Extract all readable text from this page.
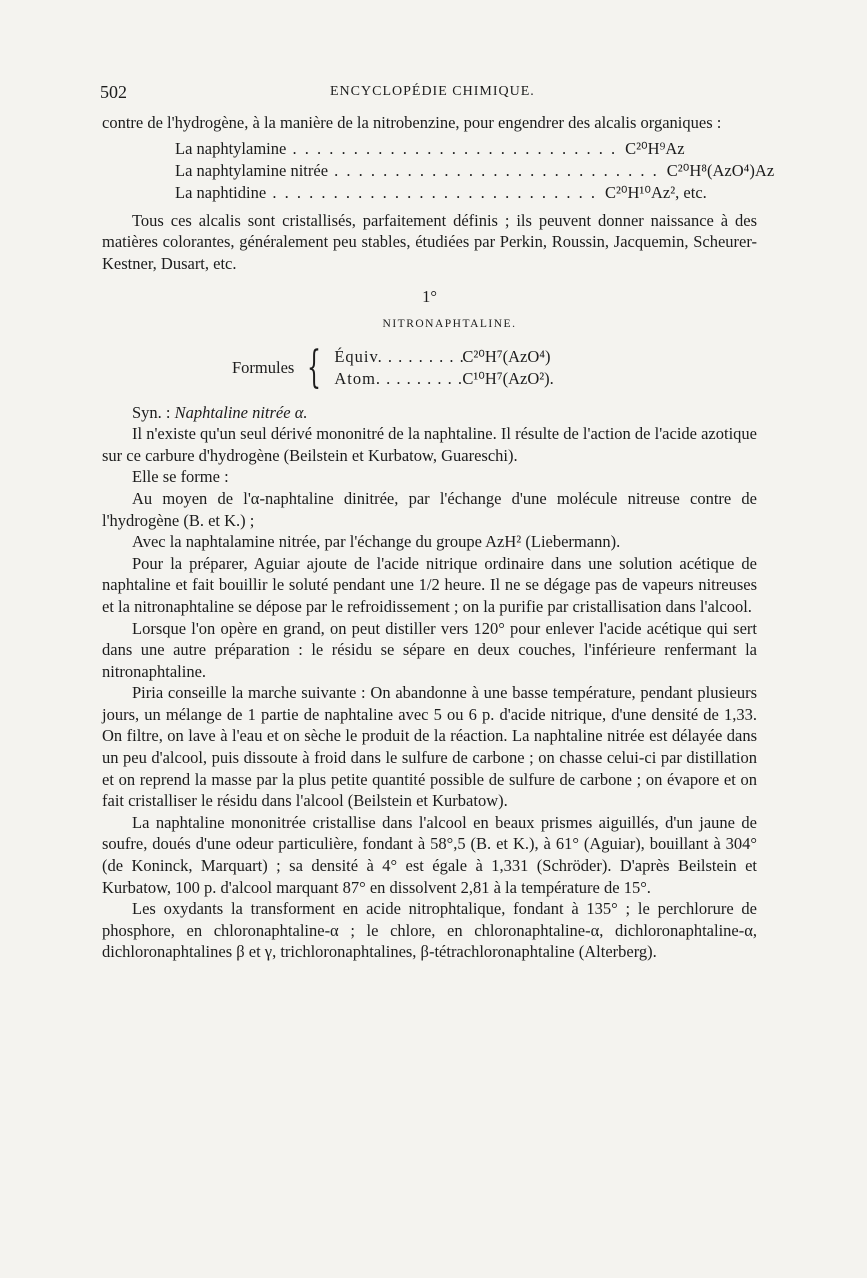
502	ENCYCLOPÉDIE CHIMIQUE.

contre de l'hydrogène, à la manière de la nitrobenzine, pour engendrer des alcalis organiques :

La naphtylamine . . . . . . . . . . . . . . . . . . . . . . . . . . . C²⁰H⁹Az
La naphtylamine nitrée . . . . . . . . . . . . . . . . . . . . . . . . . . . C²⁰H⁸(AzO⁴)Az
La naphtidine . . . . . . . . . . . . . . . . . . . . . . . . . . . C²⁰H¹⁰Az², etc.

Tous ces alcalis sont cristallisés, parfaitement définis ; ils peuvent donner naissance à des matières colorantes, généralement peu stables, étudiées par Perkin, Roussin, Jacquemin, Scheurer-Kestner, Dusart, etc.

1°
NITRONAPHTALINE.
Formules { Équiv. . . . . . . . .
C²⁰H⁷(AzO⁴)
Atom. . . . . . . . . C¹⁰H⁷(AzO²).

Syn. : Naphtaline nitrée α.

Il n'existe qu'un seul dérivé mononitré de la naphtaline. Il résulte de l'action de l'acide azotique sur ce carbure d'hydrogène (Beilstein et Kurbatow, Guareschi).

Elle se forme :

Au moyen de l'α-naphtaline dinitrée, par l'échange d'une molécule nitreuse contre de l'hydrogène (B. et K.) ;

Avec la naphtalamine nitrée, par l'échange du groupe AzH² (Liebermann).

Pour la préparer, Aguiar ajoute de l'acide nitrique ordinaire dans une solution acétique de naphtaline et fait bouillir le soluté pendant une 1/2 heure. Il ne se dégage pas de vapeurs nitreuses et la nitronaphtaline se dépose par le refroidissement ; on la purifie par cristallisation dans l'alcool.

Lorsque l'on opère en grand, on peut distiller vers 120° pour enlever l'acide acétique qui sert dans une autre préparation : le résidu se sépare en deux couches, l'inférieure renfermant la nitronaphtaline.

Piria conseille la marche suivante : On abandonne à une basse température, pendant plusieurs jours, un mélange de 1 partie de naphtaline avec 5 ou 6 p. d'acide nitrique, d'une densité de 1,33. On filtre, on lave à l'eau et on sèche le produit de la réaction. La naphtaline nitrée est délayée dans un peu d'alcool, puis dissoute à froid dans le sulfure de carbone ; on chasse celui-ci par distillation et on reprend la masse par la plus petite quantité possible de sulfure de carbone ; on évapore et on fait cristalliser le résidu dans l'alcool (Beilstein et Kurbatow).

La naphtaline mononitrée cristallise dans l'alcool en beaux prismes aiguillés, d'un jaune de soufre, doués d'une odeur particulière, fondant à 58°,5 (B. et K.), à 61° (Aguiar), bouillant à 304° (de Koninck, Marquart) ; sa densité à 4° est égale à 1,331 (Schröder). D'après Beilstein et Kurbatow, 100 p. d'alcool marquant 87° en dissolvent 2,81 à la température de 15°.

Les oxydants la transforment en acide nitrophtalique, fondant à 135° ; le perchlorure de phosphore, en chloronaphtaline-α ; le chlore, en chloronaphtaline-α, dichloronaphtaline-α, dichloronaphtalines β et γ, trichloronaphtalines, β-tétrachloronaphtaline (Alterberg).
